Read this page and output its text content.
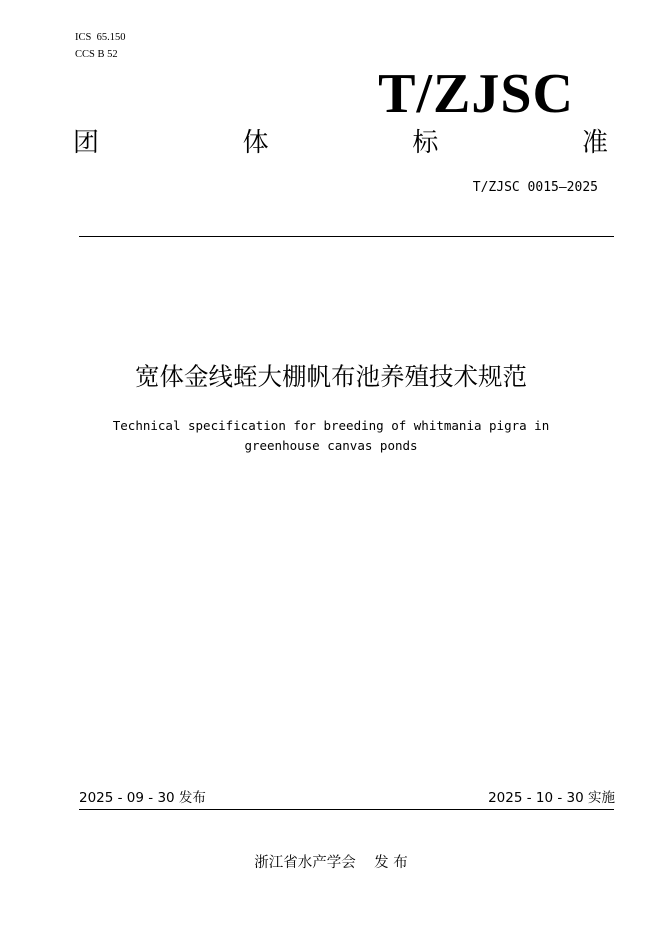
ICS  65.150
CCS B 52
T/ZJSC
团	体	标	准
T/ZJSC 0015—2025
宽体金线蛭大棚帆布池养殖技术规范
Technical specification for breeding of whitmania pigra in greenhouse canvas ponds
2025 - 09 - 30 发布	2025 - 10 - 30 实施
浙江省水产学会    发 布
